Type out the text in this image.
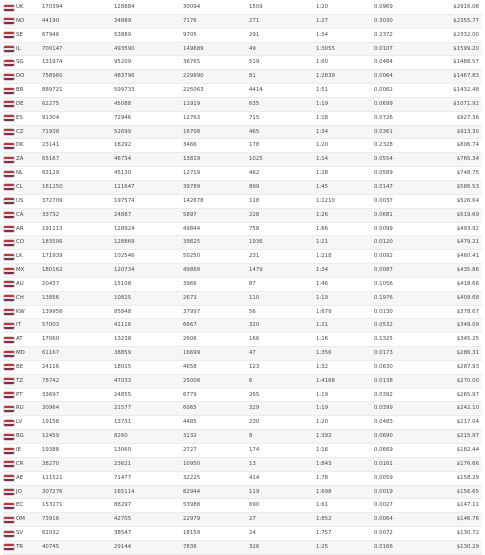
UK	170394	128884	30094	1509	1:20	0.0969	$2916.08
NO	44190	34889	7176	271	1:27	0.3030	$2355.77
SE	67946	53889	9705	291	1:34	0.2372	$2332.00
IL	700147	493590	149689	49	1:3055	0.0107	$1599.20
SG	131974	95209	36765	519	1:60	0.0484	$1488.57
DO	758960	483796	229890	81	1:2839	0.0064	$1467.83
BR	889721	599733	225063	4414	1:51	0.0062	$1432.48
DE	62275	45088	11919	635	1:19	0.0699	$1071.92
ES	91304	72946	12763	715	1:18	0.0726	$927.36
CZ	71938	52699	16708	465	1:34	0.0361	$913.30
DK	23141	18292	3466	178	1:20	0.2328	$806.74
ZA	65167	46734	13819	1025	1:14	0.0554	$765.34
NL	63129	45130	12719	462	1:28	0.0589	$748.75
CL	161250	111647	39789	899	1:45	0.0147	$586.53
US	372709	197574	142678	118	1:1210	0.0037	$526.64
CA	33732	24887	5897	228	1:26	0.0681	$519.69
AR	191113	128924	49844	758	1:66	0.0099	$493.92
CO	183506	128869	39825	1936	1:21	0.0120	$479.21
LK	171939	102546	50250	231	1:218	0.0092	$460.41
MX	180162	120734	49868	1479	1:34	0.0087	$435.86
AU	20437	15108	3966	87	1:46	0.1056	$418.66
CH	13856	10825	2673	110	1:19	0.1976	$409.68
KW	139956	85848	37997	56	1:679	0.0130	$378.67
IT	57003	41116	6667	320	1:21	0.0532	$349.09
AT	17060	13238	2606	166	1:16	0.1325	$345.25
MD	61167	38859	16699	47	1:356	0.0173	$286.31
BE	24116	18015	4658	123	1:32	0.0630	$287.93
TZ	78742	47033	25008	6	1:4168	0.0138	$270.00
PT	33697	24855	6779	265	1:19	0.0392	$265.97
RU	30964	21577	6065	329	1:19	0.0399	$242.10
LV	19158	13731	4485	230	1:20	0.0483	$217.04
BG	12459	8260	3132	8	1:392	0.0690	$215.97
IE	19388	13060	2727	174	1:16	0.0669	$182.44
CR	38270	23621	10950	13	1:843	0.0161	$176.66
AE	111521	71477	32225	414	1:78	0.0059	$158.29
JO	307276	165114	82944	119	1:698	0.0019	$156.65
EC	153271	88297	53988	690	1:61	0.0027	$147.11
OM	73916	42705	22979	27	1:852	0.0064	$146.76
SV	61032	38547	18159	24	1:757	0.0072	$130.72
TR	40745	29144	7836	326	1:25	0.0166	$130.29
